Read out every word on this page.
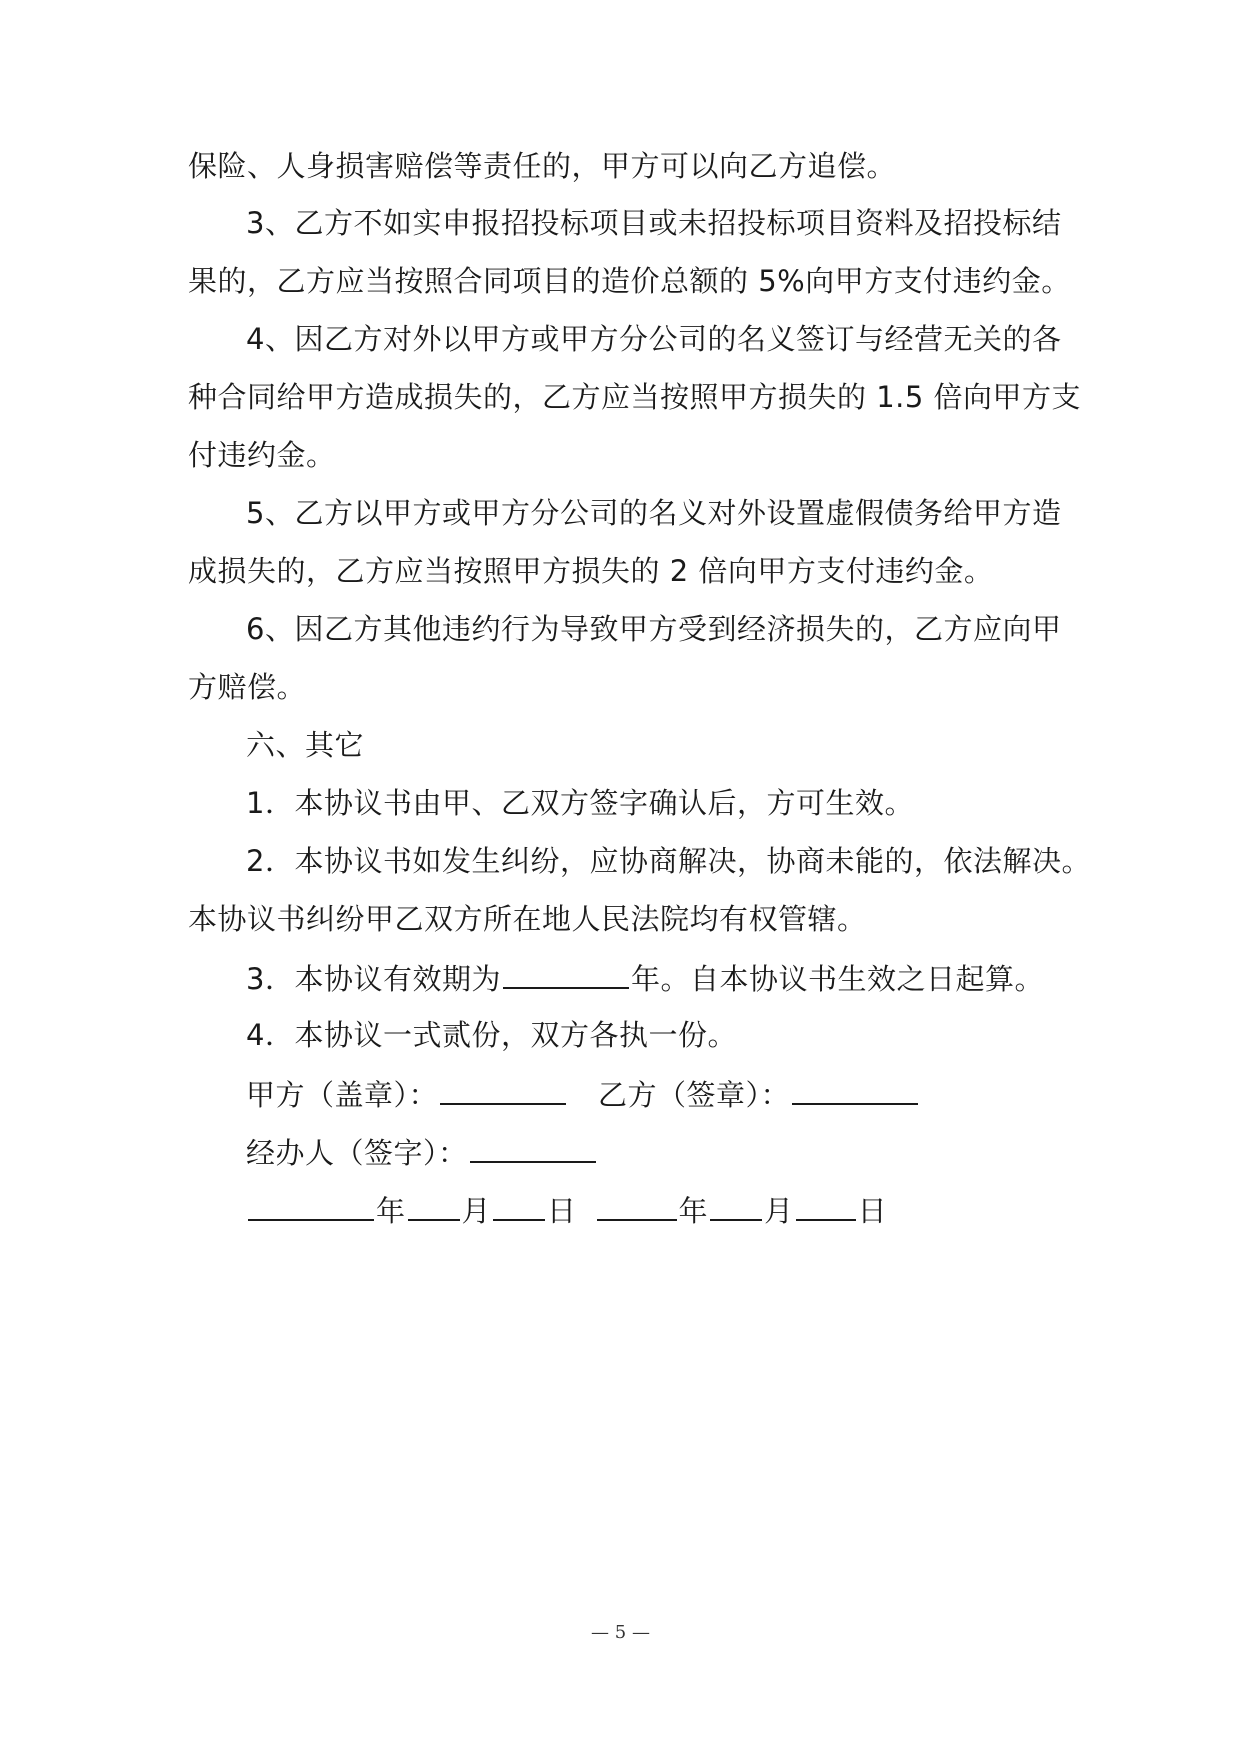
保险、人身损害赔偿等责任的，甲方可以向乙方追偿。
3、乙方不如实申报招投标项目或未招投标项目资料及招投标结
果的，乙方应当按照合同项目的造价总额的 5%向甲方支付违约金。
4、因乙方对外以甲方或甲方分公司的名义签订与经营无关的各
种合同给甲方造成损失的，乙方应当按照甲方损失的 1.5 倍向甲方支
付违约金。
5、乙方以甲方或甲方分公司的名义对外设置虚假债务给甲方造
成损失的，乙方应当按照甲方损失的 2 倍向甲方支付违约金。
6、因乙方其他违约行为导致甲方受到经济损失的，乙方应向甲
方赔偿。
六、其它
1．本协议书由甲、乙双方签字确认后，方可生效。
2．本协议书如发生纠纷，应协商解决，协商未能的，依法解决。
本协议书纠纷甲乙双方所在地人民法院均有权管辖。
3．本协议有效期为	年。自本协议书生效之日起算。
4．本协议一式贰份，双方各执一份。
甲方（盖章）：	乙方（签章）：
经办人（签字）：
年 月 日	年 月 日
— 5 —
